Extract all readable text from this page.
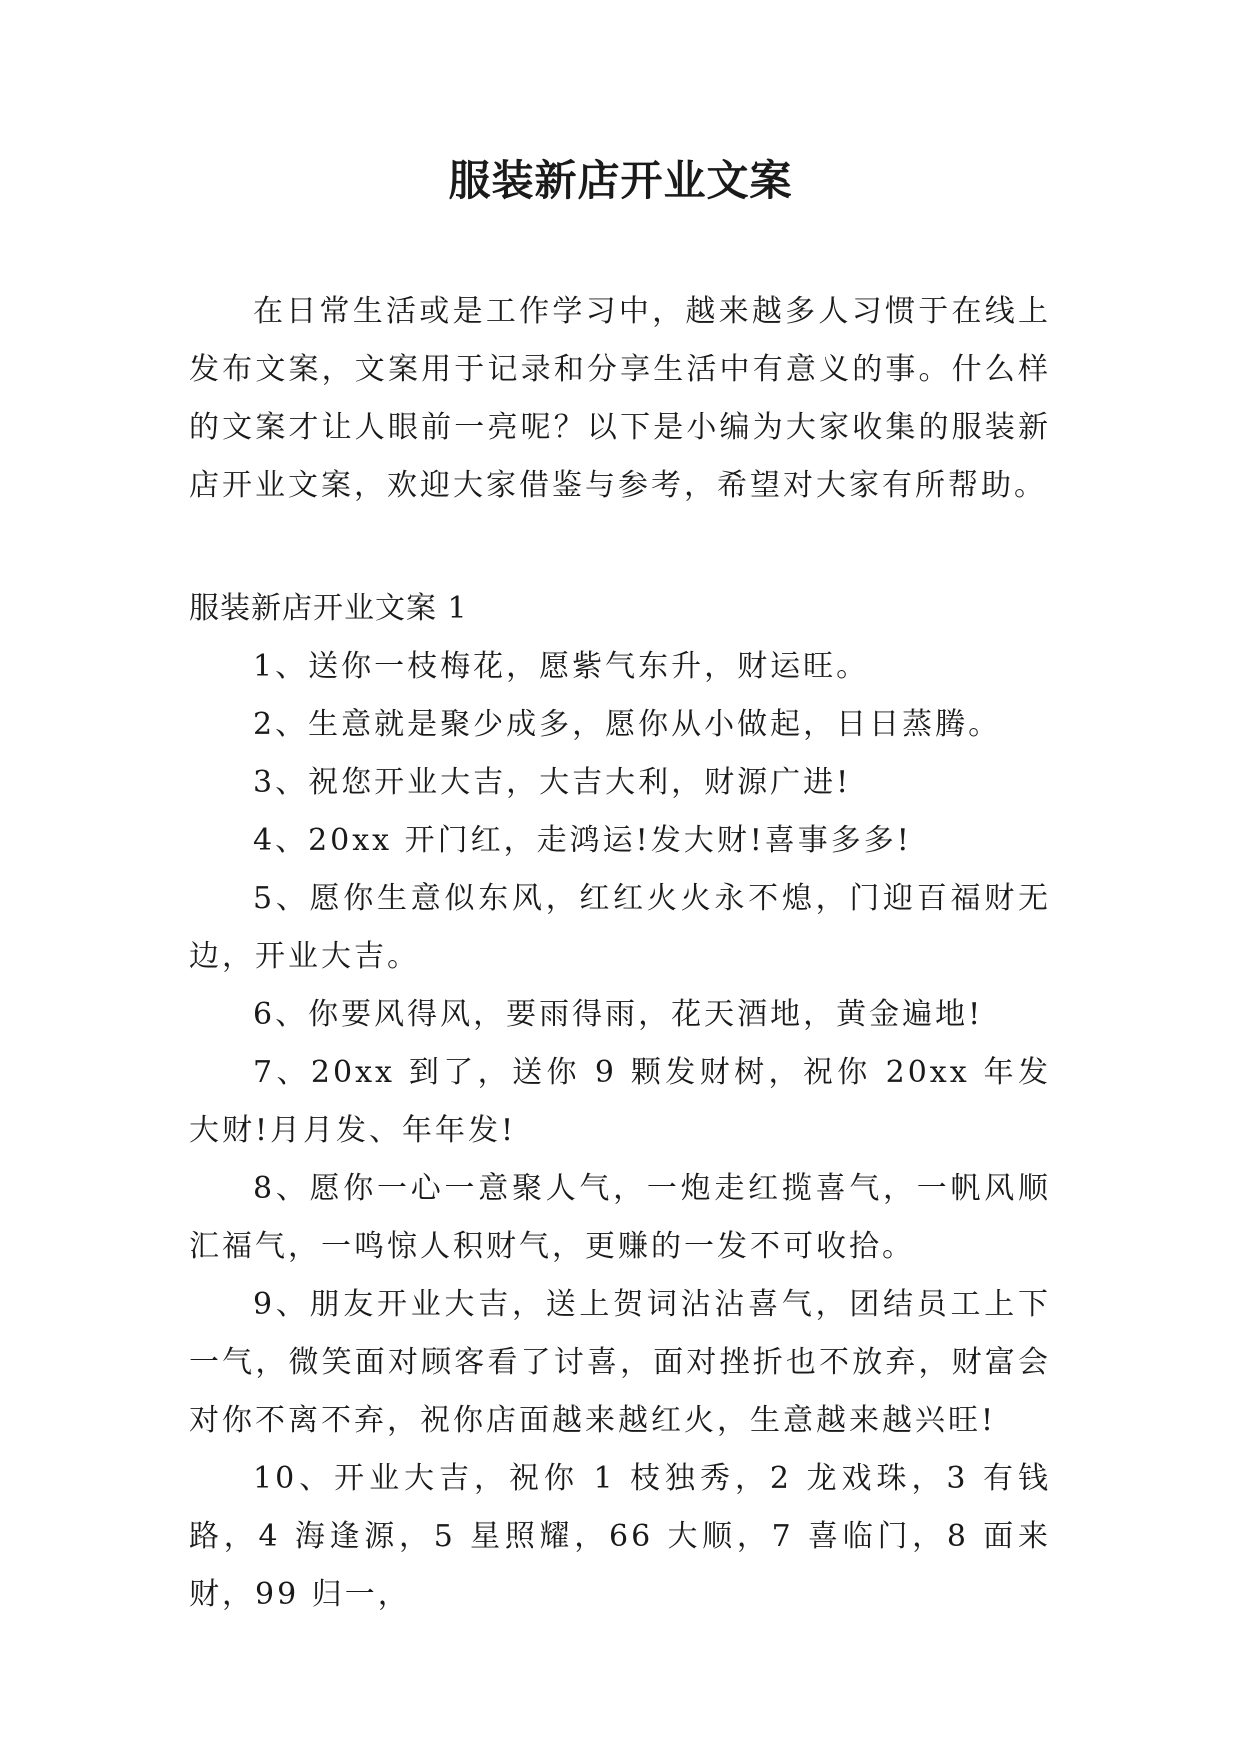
服装新店开业文案

在日常生活或是工作学习中，越来越多人习惯于在线上发布文案，文案用于记录和分享生活中有意义的事。什么样的文案才让人眼前一亮呢？以下是小编为大家收集的服装新店开业文案，欢迎大家借鉴与参考，希望对大家有所帮助。

服装新店开业文案 1

1、送你一枝梅花，愿紫气东升，财运旺。

2、生意就是聚少成多，愿你从小做起，日日蒸腾。

3、祝您开业大吉，大吉大利，财源广进!

4、20xx 开门红，走鸿运!发大财!喜事多多!

5、愿你生意似东风，红红火火永不熄，门迎百福财无边，开业大吉。

6、你要风得风，要雨得雨，花天酒地，黄金遍地!

7、20xx 到了，送你 9 颗发财树，祝你 20xx 年发大财!月月发、年年发!

8、愿你一心一意聚人气，一炮走红揽喜气，一帆风顺汇福气，一鸣惊人积财气，更赚的一发不可收拾。

9、朋友开业大吉，送上贺词沾沾喜气，团结员工上下一气，微笑面对顾客看了讨喜，面对挫折也不放弃，财富会对你不离不弃，祝你店面越来越红火，生意越来越兴旺!

10、开业大吉，祝你 1 枝独秀，2 龙戏珠，3 有钱路，4 海逢源，5 星照耀，66 大顺，7 喜临门，8 面来财，99 归一，
